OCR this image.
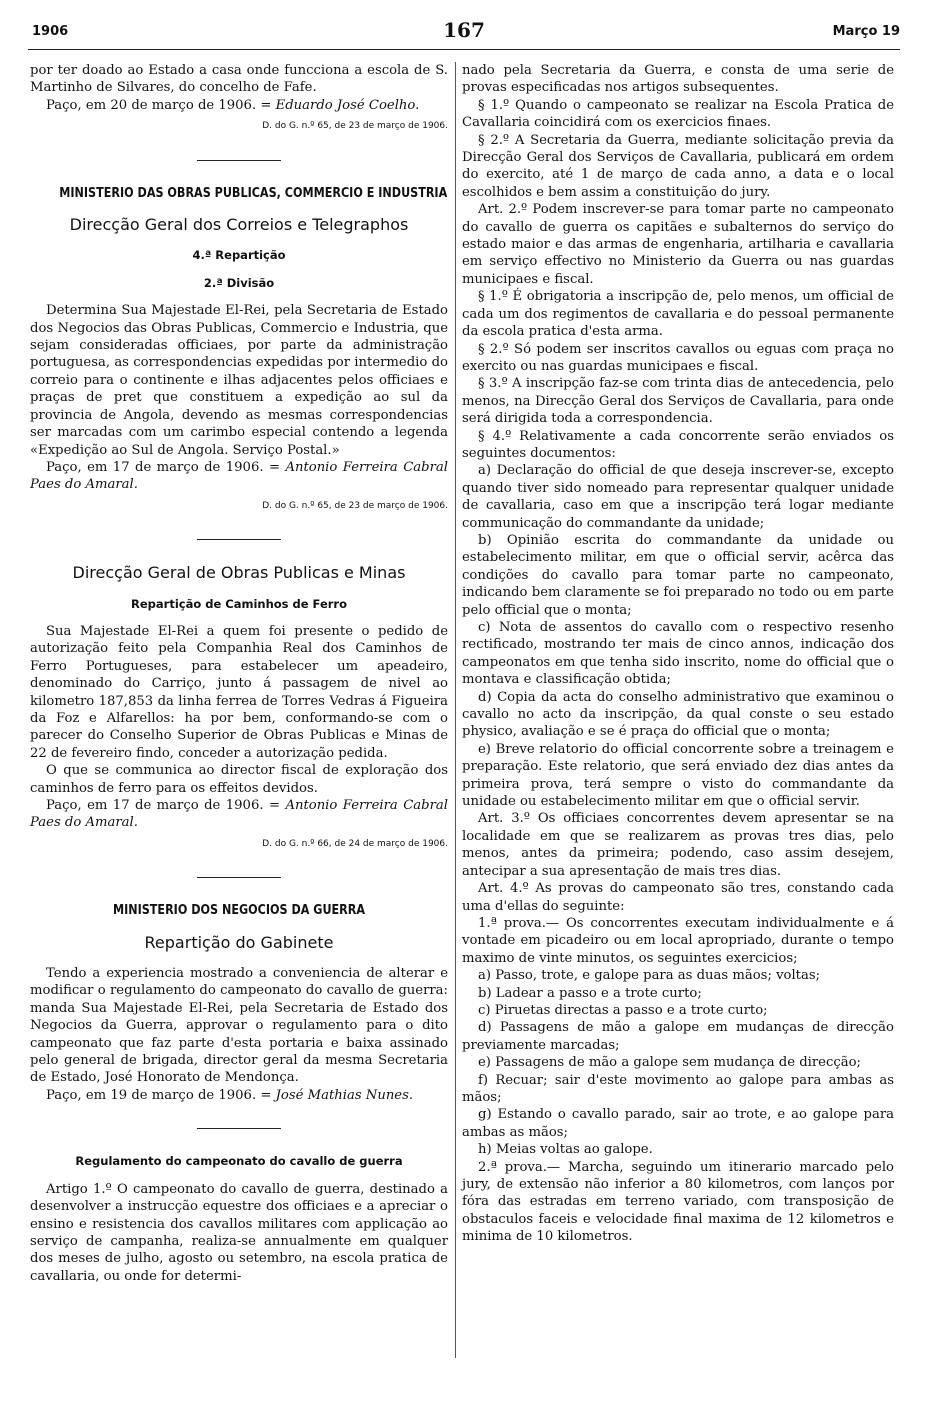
1906	167	Março 19

por ter doado ao Estado a casa onde funcciona a escola de S. Martinho de Silvares, do concelho de Fafe.

Paço, em 20 de março de 1906. = Eduardo José Coelho.

D. do G. n.º 65, de 23 de março de 1906.

MINISTERIO DAS OBRAS PUBLICAS, COMMERCIO E INDUSTRIA
Direcção Geral dos Correios e Telegraphos
4.ª Repartição
2.ª Divisão

Determina Sua Majestade El-Rei, pela Secretaria de Estado dos Negocios das Obras Publicas, Commercio e Industria, que sejam consideradas officiaes, por parte da administração portuguesa, as correspondencias expedidas por intermedio do correio para o continente e ilhas adjacentes pelos officiaes e praças de pret que constituem a expedição ao sul da provincia de Angola, devendo as mesmas correspondencias ser marcadas com um carimbo especial contendo a legenda «Expedição ao Sul de Angola. Serviço Postal.»

Paço, em 17 de março de 1906. = Antonio Ferreira Cabral Paes do Amaral.

D. do G. n.º 65, de 23 de março de 1906.

Direcção Geral de Obras Publicas e Minas
Repartição de Caminhos de Ferro

Sua Majestade El-Rei a quem foi presente o pedido de autorização feito pela Companhia Real dos Caminhos de Ferro Portugueses, para estabelecer um apeadeiro, denominado do Carriço, junto á passagem de nivel ao kilometro 187,853 da linha ferrea de Torres Vedras á Figueira da Foz e Alfarellos: ha por bem, conformando-se com o parecer do Conselho Superior de Obras Publicas e Minas de 22 de fevereiro findo, conceder a autorização pedida.

O que se communica ao director fiscal de exploração dos caminhos de ferro para os effeitos devidos.

Paço, em 17 de março de 1906. = Antonio Ferreira Cabral Paes do Amaral.

D. do G. n.º 66, de 24 de março de 1906.

MINISTERIO DOS NEGOCIOS DA GUERRA
Repartição do Gabinete

Tendo a experiencia mostrado a conveniencia de alterar e modificar o regulamento do campeonato do cavallo de guerra: manda Sua Majestade El-Rei, pela Secretaria de Estado dos Negocios da Guerra, approvar o regulamento para o dito campeonato que faz parte d'esta portaria e baixa assinado pelo general de brigada, director geral da mesma Secretaria de Estado, José Honorato de Mendonça.

Paço, em 19 de março de 1906. = José Mathias Nunes.

Regulamento do campeonato do cavallo de guerra

Artigo 1.º O campeonato do cavallo de guerra, destinado a desenvolver a instrucção equestre dos officiaes e a apreciar o ensino e resistencia dos cavallos militares com applicação ao serviço de campanha, realiza-se annualmente em qualquer dos meses de julho, agosto ou setembro, na escola pratica de cavallaria, ou onde for determi-

nado pela Secretaria da Guerra, e consta de uma serie de provas especificadas nos artigos subsequentes.

§ 1.º Quando o campeonato se realizar na Escola Pratica de Cavallaria coincidirá com os exercicios finaes.

§ 2.º A Secretaria da Guerra, mediante solicitação previa da Direcção Geral dos Serviços de Cavallaria, publicará em ordem do exercito, até 1 de março de cada anno, a data e o local escolhidos e bem assim a constituição do jury.

Art. 2.º Podem inscrever-se para tomar parte no campeonato do cavallo de guerra os capitães e subalternos do serviço do estado maior e das armas de engenharia, artilharia e cavallaria em serviço effectivo no Ministerio da Guerra ou nas guardas municipaes e fiscal.

§ 1.º É obrigatoria a inscripção de, pelo menos, um official de cada um dos regimentos de cavallaria e do pessoal permanente da escola pratica d'esta arma.

§ 2.º Só podem ser inscritos cavallos ou eguas com praça no exercito ou nas guardas municipaes e fiscal.

§ 3.º A inscripção faz-se com trinta dias de antecedencia, pelo menos, na Direcção Geral dos Serviços de Cavallaria, para onde será dirigida toda a correspondencia.

§ 4.º Relativamente a cada concorrente serão enviados os seguintes documentos:

a) Declaração do official de que deseja inscrever-se, excepto quando tiver sido nomeado para representar qualquer unidade de cavallaria, caso em que a inscripção terá logar mediante communicação do commandante da unidade;

b) Opinião escrita do commandante da unidade ou estabelecimento militar, em que o official servir, acêrca das condições do cavallo para tomar parte no campeonato, indicando bem claramente se foi preparado no todo ou em parte pelo official que o monta;

c) Nota de assentos do cavallo com o respectivo resenho rectificado, mostrando ter mais de cinco annos, indicação dos campeonatos em que tenha sido inscrito, nome do official que o montava e classificação obtida;

d) Copia da acta do conselho administrativo que examinou o cavallo no acto da inscripção, da qual conste o seu estado physico, avaliação e se é praça do official que o monta;

e) Breve relatorio do official concorrente sobre a treinagem e preparação. Este relatorio, que será enviado dez dias antes da primeira prova, terá sempre o visto do commandante da unidade ou estabelecimento militar em que o official servir.

Art. 3.º Os officiaes concorrentes devem apresentar se na localidade em que se realizarem as provas tres dias, pelo menos, antes da primeira; podendo, caso assim desejem, antecipar a sua apresentação de mais tres dias.

Art. 4.º As provas do campeonato são tres, constando cada uma d'ellas do seguinte:

1.ª prova.— Os concorrentes executam individualmente e á vontade em picadeiro ou em local apropriado, durante o tempo maximo de vinte minutos, os seguintes exercicios;

a) Passo, trote, e galope para as duas mãos; voltas;

b) Ladear a passo e a trote curto;

c) Piruetas directas a passo e a trote curto;

d) Passagens de mão a galope em mudanças de direcção previamente marcadas;

e) Passagens de mão a galope sem mudança de direcção;

f) Recuar; sair d'este movimento ao galope para ambas as mãos;

g) Estando o cavallo parado, sair ao trote, e ao galope para ambas as mãos;

h) Meias voltas ao galope.

2.ª prova.— Marcha, seguindo um itinerario marcado pelo jury, de extensão não inferior a 80 kilometros, com lanços por fóra das estradas em terreno variado, com transposição de obstaculos faceis e velocidade final maxima de 12 kilometros e minima de 10 kilometros.
